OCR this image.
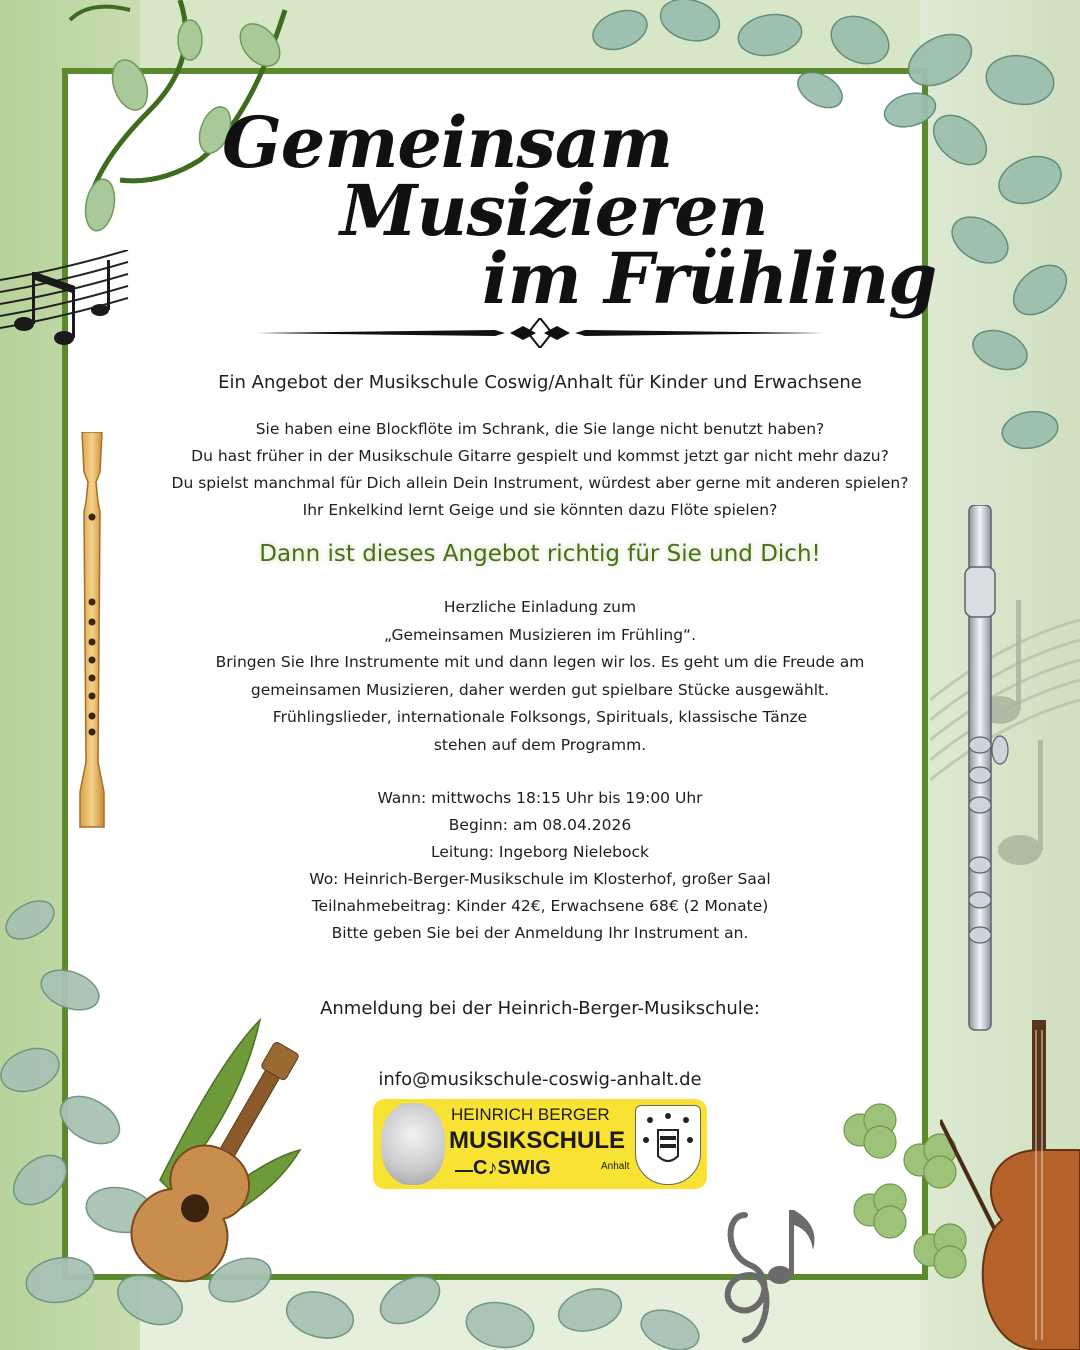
Gemeinsam
Musizieren
im Frühling
Ein Angebot der Musikschule Coswig/Anhalt für Kinder und Erwachsene
Sie haben eine Blockflöte im Schrank, die Sie lange nicht benutzt haben?
Du hast früher in der Musikschule Gitarre gespielt und kommst jetzt gar nicht mehr dazu?
Du spielst manchmal für Dich allein Dein Instrument, würdest aber gerne mit anderen spielen?
Ihr Enkelkind lernt Geige und sie könnten dazu Flöte spielen?
Dann ist dieses Angebot richtig für Sie und Dich!
Herzliche Einladung zum
„Gemeinsamen Musizieren im Frühling“.
Bringen Sie Ihre Instrumente mit und dann legen wir los. Es geht um die Freude am
gemeinsamen Musizieren, daher werden gut spielbare Stücke ausgewählt.
Frühlingslieder, internationale Folksongs, Spirituals, klassische Tänze
stehen auf dem Programm.
Wann: mittwochs 18:15 Uhr bis 19:00 Uhr
Beginn: am 08.04.2026
Leitung: Ingeborg Nielebock
Wo: Heinrich-Berger-Musikschule im Klosterhof, großer Saal
Teilnahmebeitrag: Kinder 42€, Erwachsene 68€ (2 Monate)
Bitte geben Sie bei der Anmeldung Ihr Instrument an.
Anmeldung bei der Heinrich-Berger-Musikschule:
info@musikschule-coswig-anhalt.de
HEINRICH BERGER
MUSIKSCHULE
C♪SWIG	Anhalt
